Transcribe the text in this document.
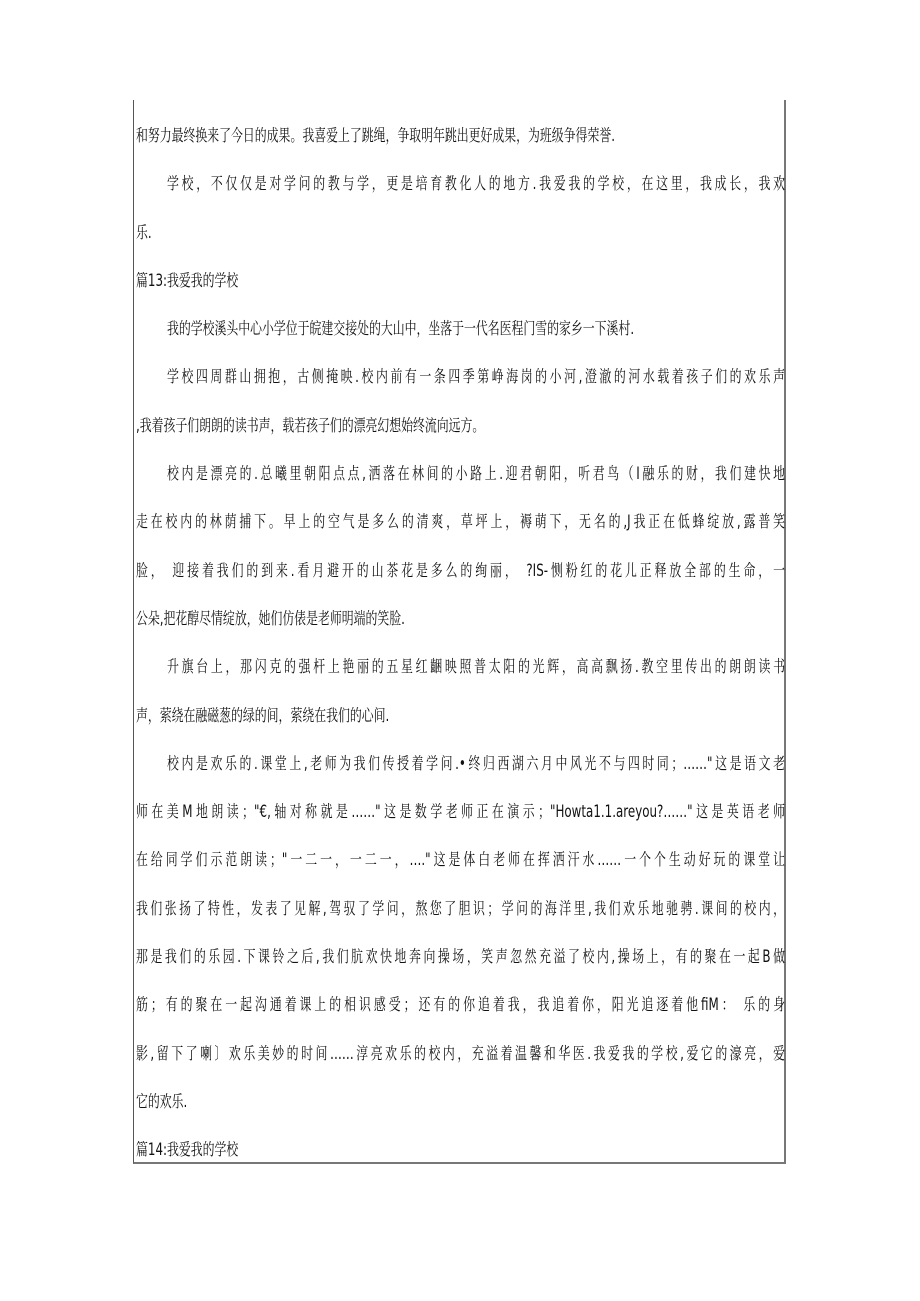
和努力最终换来了今日的成果。我喜爱上了跳绳，争取明年跳出更好成果，为班级争得荣誉.
学校，不仅仅是对学问的教与学，更是培育教化人的地方.我爱我的学校，在这里，我成长，我欢
乐.
篇13:我爱我的学校
我的学校溪头中心小学位于皖建交接处的大山中，坐落于一代名医程门雪的家乡一下溪村.
学校四周群山拥抱，古侧掩映.校内前有一条四季第峥海岗的小河,澄澈的河水载着孩子们的欢乐声
,我着孩子们朗朗的读书声，载若孩子们的漂亮幻想始终流向远方。
校内是漂亮的.总曦里朝阳点点,洒落在林间的小路上.迎君朝阳，听君鸟（I融乐的财，我们建快地
走在校内的林荫捕下。早上的空气是多么的清爽，草坪上，褥萌下，无名的,J我正在低蜂绽放,露普笑
脸， 迎接着我们的到来.看月避开的山茶花是多么的绚丽， ?IS-恻粉红的花儿正释放全部的生命，一
公朵,把花醇尽情绽放，她们仿俵是老师明端的笑脸.
升旗台上，那闪克的强杆上艳丽的五星红齫映照普太阳的光辉，高高飘扬.教空里传出的朗朗读书
声，萦绕在融磁葱的绿的间，萦绕在我们的心间.
校内是欢乐的.课堂上,老师为我们传授着学问.•终归西湖六月中风光不与四时同；……"这是语文老
师在美M地朗读；"€,轴对称就是……"这是数学老师正在演示；"Howta1.1.areyou?……"这是英语老师
在给同学们示范朗读；"一二一，一二一，…."这是体白老师在挥洒汗水……一个个生动好玩的课堂让
我们张扬了特性，发表了见解,驾驭了学问，熬您了胆识；学问的海洋里,我们欢乐地驰骋.课间的校内，
那是我们的乐园.下课铃之后,我们肮欢快地奔向操场，笑声忽然充溢了校内,操场上，有的聚在一起B做
筋；有的聚在一起沟通着课上的相识感受；还有的你追着我，我追着你，阳光追逐着他fiM： 乐的身
影,留下了喇〕欢乐美妙的时间……淳亮欢乐的校内，充溢着温馨和华医.我爱我的学校,爱它的濠亮，爱
它的欢乐.
篇14:我爱我的学校
